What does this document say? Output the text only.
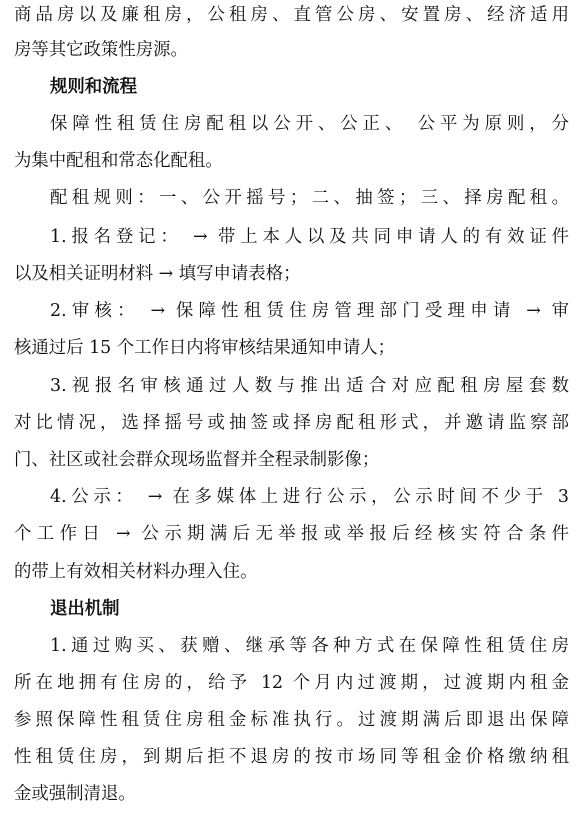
商品房以及廉租房，公租房、直管公房、安置房、经济适用
房等其它政策性房源。
规则和流程
保障性租赁住房配租以公开、公正、 公平为原则，分
为集中配租和常态化配租。
配租规则：一、公开摇号；二、抽签；三、择房配租。
1.报名登记： → 带上本人以及共同申请人的有效证件
以及相关证明材料 → 填写申请表格；
2.审核： → 保障性租赁住房管理部门受理申请 → 审
核通过后 15 个工作日内将审核结果通知申请人；
3.视报名审核通过人数与推出适合对应配租房屋套数
对比情况，选择摇号或抽签或择房配租形式，并邀请监察部
门、社区或社会群众现场监督并全程录制影像；
4.公示： → 在多媒体上进行公示，公示时间不少于 3
个工作日 → 公示期满后无举报或举报后经核实符合条件
的带上有效相关材料办理入住。
退出机制
1.通过购买、获赠、继承等各种方式在保障性租赁住房
所在地拥有住房的，给予 12 个月内过渡期，过渡期内租金
参照保障性租赁住房租金标准执行。过渡期满后即退出保障
性租赁住房，到期后拒不退房的按市场同等租金价格缴纳租
金或强制清退。
